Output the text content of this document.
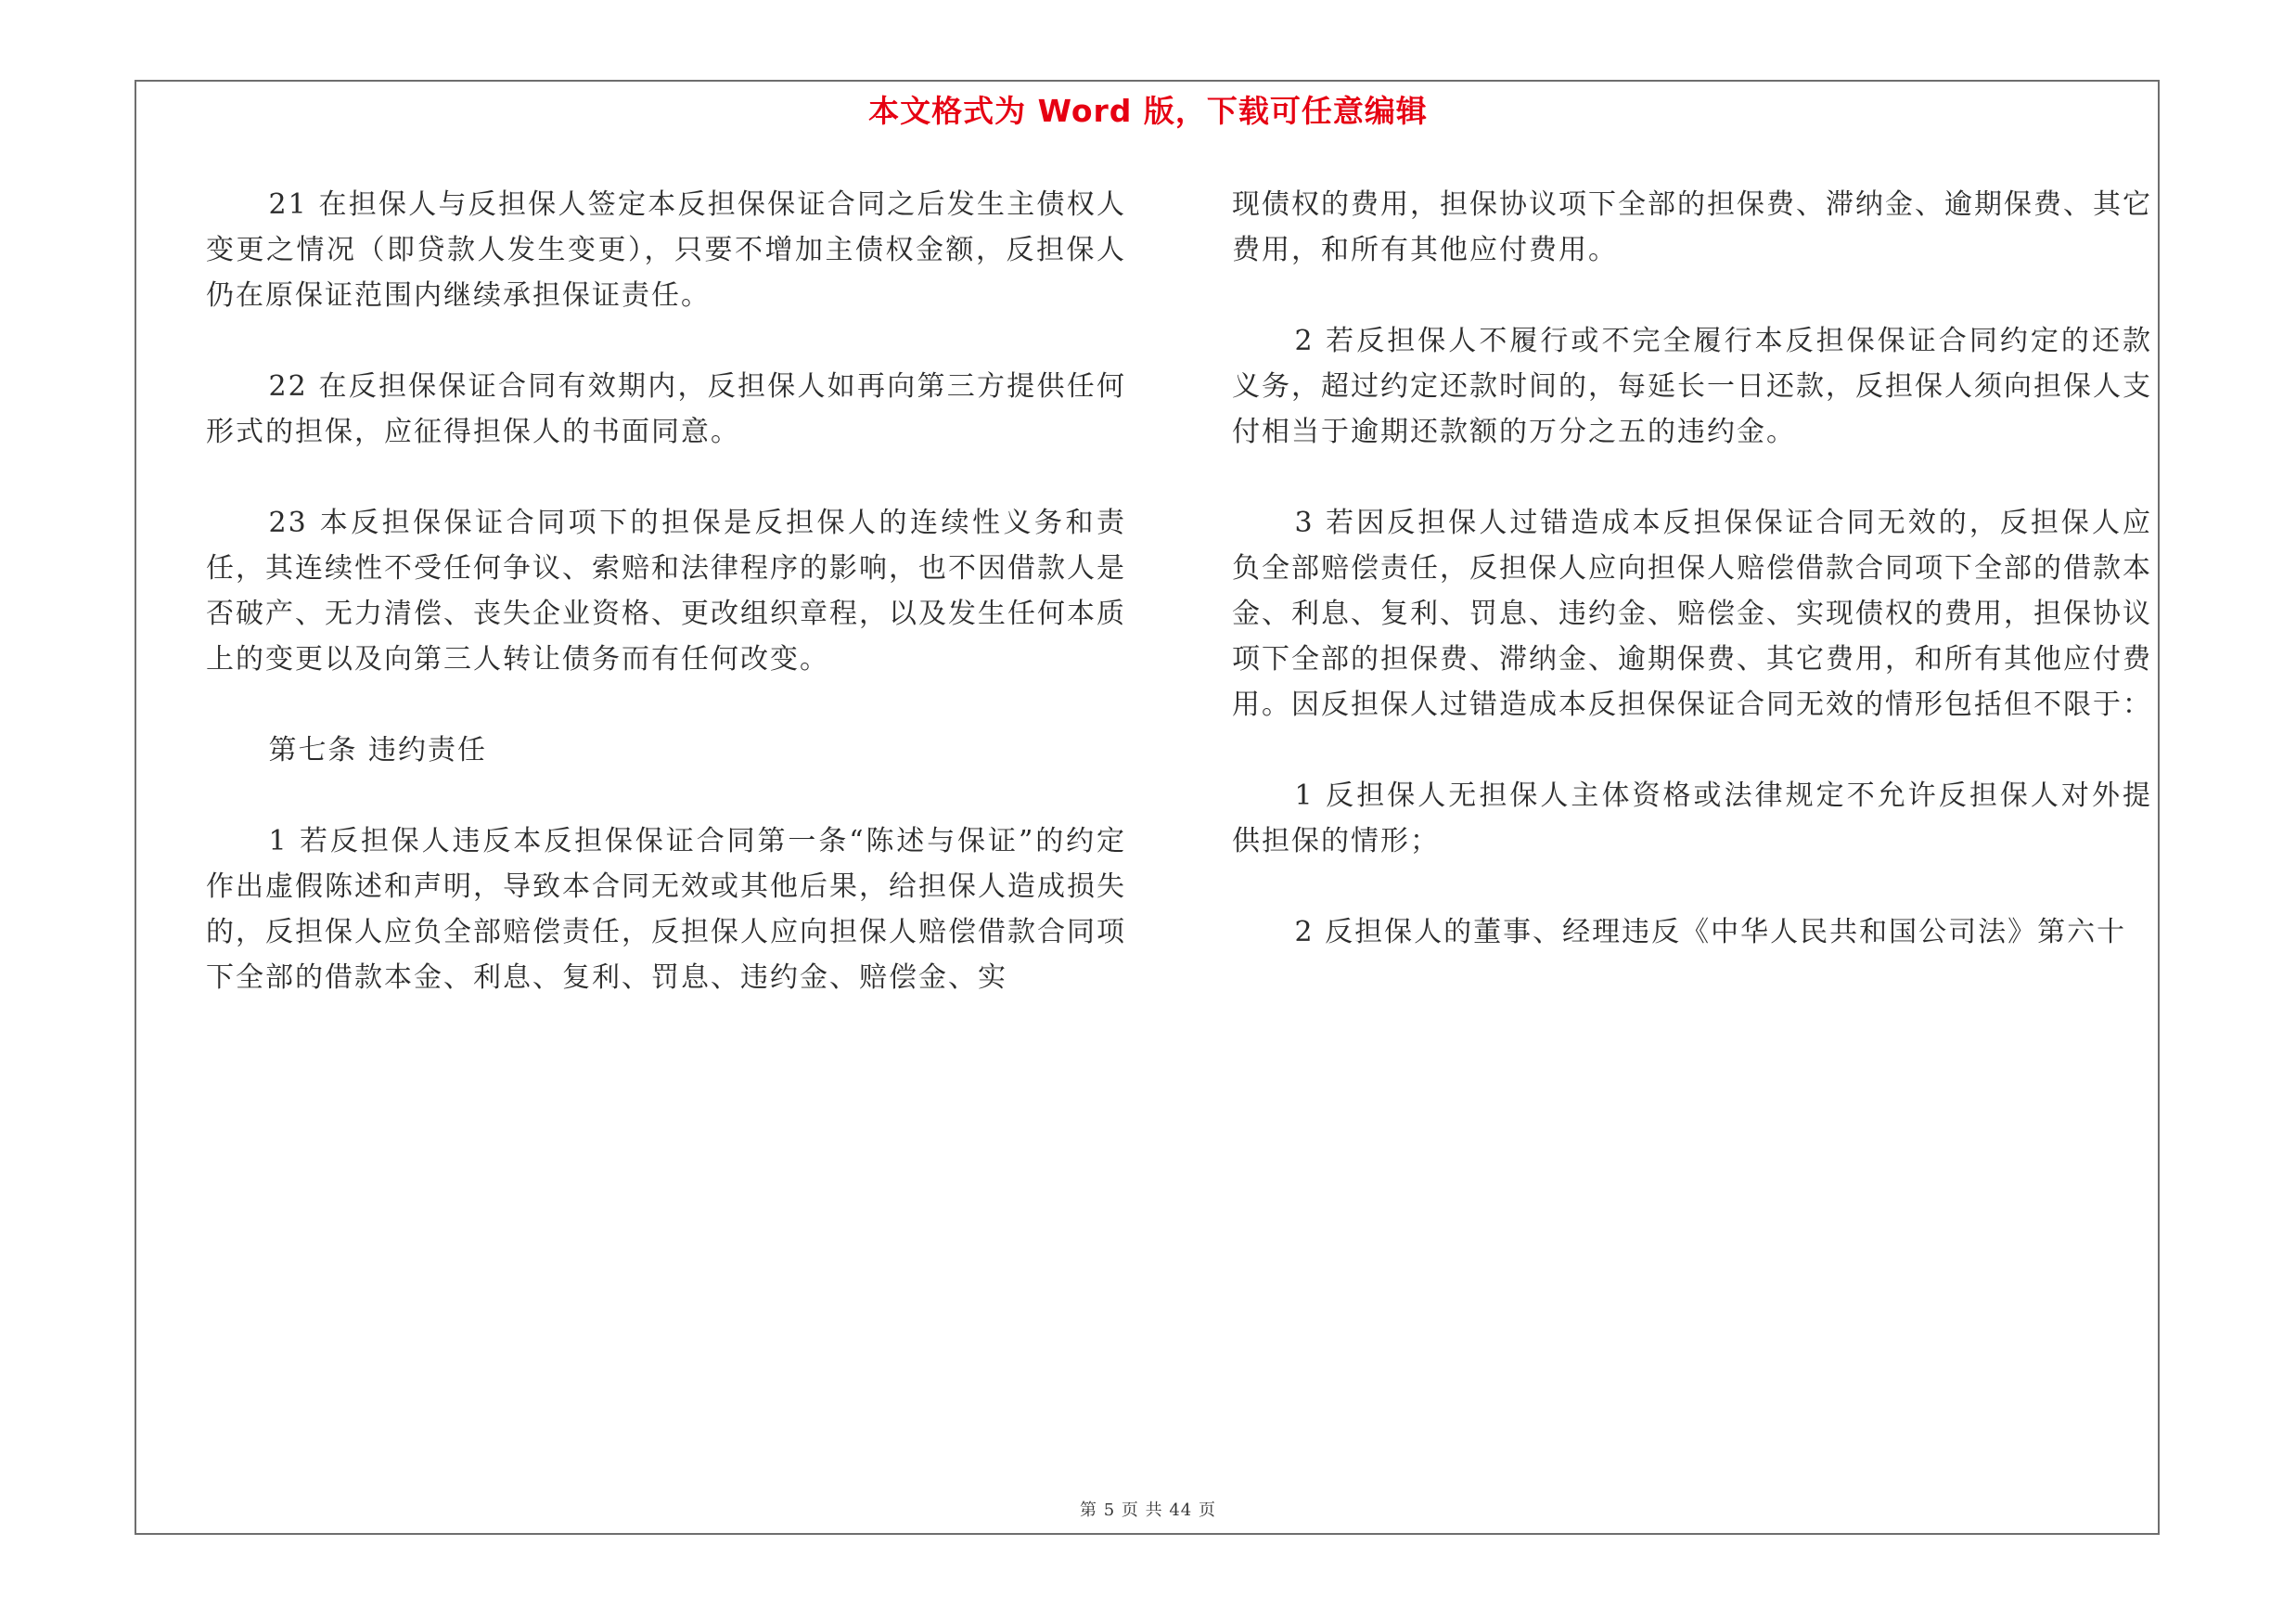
本文格式为 Word 版，下载可任意编辑

21 在担保人与反担保人签定本反担保保证合同之后发生主债权人变更之情况（即贷款人发生变更），只要不增加主债权金额，反担保人仍在原保证范围内继续承担保证责任。

22 在反担保保证合同有效期内，反担保人如再向第三方提供任何形式的担保，应征得担保人的书面同意。

23 本反担保保证合同项下的担保是反担保人的连续性义务和责任，其连续性不受任何争议、索赔和法律程序的影响，也不因借款人是否破产、无力清偿、丧失企业资格、更改组织章程，以及发生任何本质上的变更以及向第三人转让债务而有任何改变。

第七条 违约责任

1 若反担保人违反本反担保保证合同第一条“陈述与保证”的约定作出虚假陈述和声明，导致本合同无效或其他后果，给担保人造成损失的，反担保人应负全部赔偿责任，反担保人应向担保人赔偿借款合同项下全部的借款本金、利息、复利、罚息、违约金、赔偿金、实

现债权的费用，担保协议项下全部的担保费、滞纳金、逾期保费、其它费用，和所有其他应付费用。

2 若反担保人不履行或不完全履行本反担保保证合同约定的还款义务，超过约定还款时间的，每延长一日还款，反担保人须向担保人支付相当于逾期还款额的万分之五的违约金。

3 若因反担保人过错造成本反担保保证合同无效的，反担保人应负全部赔偿责任，反担保人应向担保人赔偿借款合同项下全部的借款本金、利息、复利、罚息、违约金、赔偿金、实现债权的费用，担保协议项下全部的担保费、滞纳金、逾期保费、其它费用，和所有其他应付费用。因反担保人过错造成本反担保保证合同无效的情形包括但不限于：

1 反担保人无担保人主体资格或法律规定不允许反担保人对外提供担保的情形；

2 反担保人的董事、经理违反《中华人民共和国公司法》第六十

第 5 页 共 44 页
